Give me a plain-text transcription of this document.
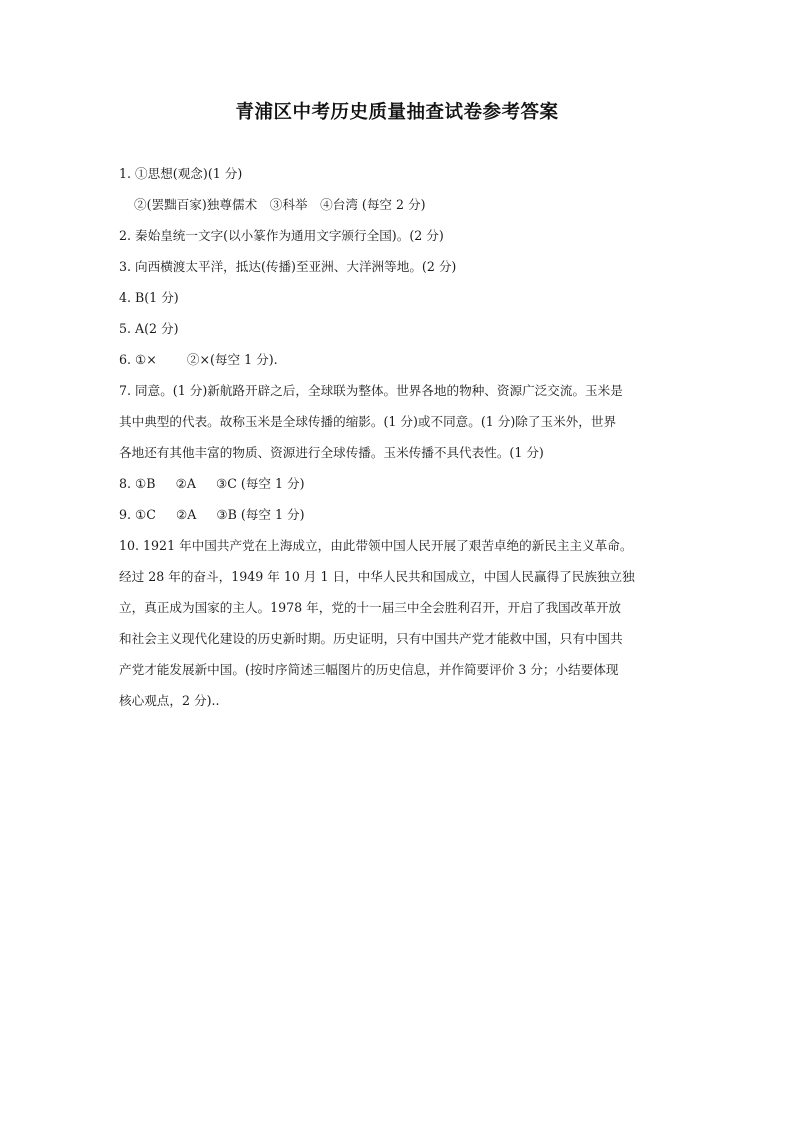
青浦区中考历史质量抽查试卷参考答案
1. ①思想(观念)(1 分)
②(罢黜百家)独尊儒术　③科举　④台湾 (每空 2 分)
2. 秦始皇统一文字(以小篆作为通用文字颁行全国)。(2 分)
3. 向西横渡太平洋，抵达(传播)至亚洲、大洋洲等地。(2 分)
4. B(1 分)
5. A(2 分)
6. ①× ②×(每空 1 分).
7. 同意。(1 分)新航路开辟之后，全球联为整体。世界各地的物种、资源广泛交流。玉米是
其中典型的代表。故称玉米是全球传播的缩影。(1 分)或不同意。(1 分)除了玉米外，世界
各地还有其他丰富的物质、资源进行全球传播。玉米传播不具代表性。(1 分)
8. ①B ②A ③C (每空 1 分)
9. ①C ②A ③B (每空 1 分)
10. 1921 年中国共产党在上海成立，由此带领中国人民开展了艰苦卓绝的新民主主义革命。
经过 28 年的奋斗，1949 年 10 月 1 日，中华人民共和国成立，中国人民赢得了民族独立独
立，真正成为国家的主人。1978 年，党的十一届三中全会胜利召开，开启了我国改革开放
和社会主义现代化建设的历史新时期。历史证明，只有中国共产党才能救中国，只有中国共
产党才能发展新中国。(按时序简述三幅图片的历史信息，并作简要评价 3 分；小结要体现
核心观点，2 分)..
